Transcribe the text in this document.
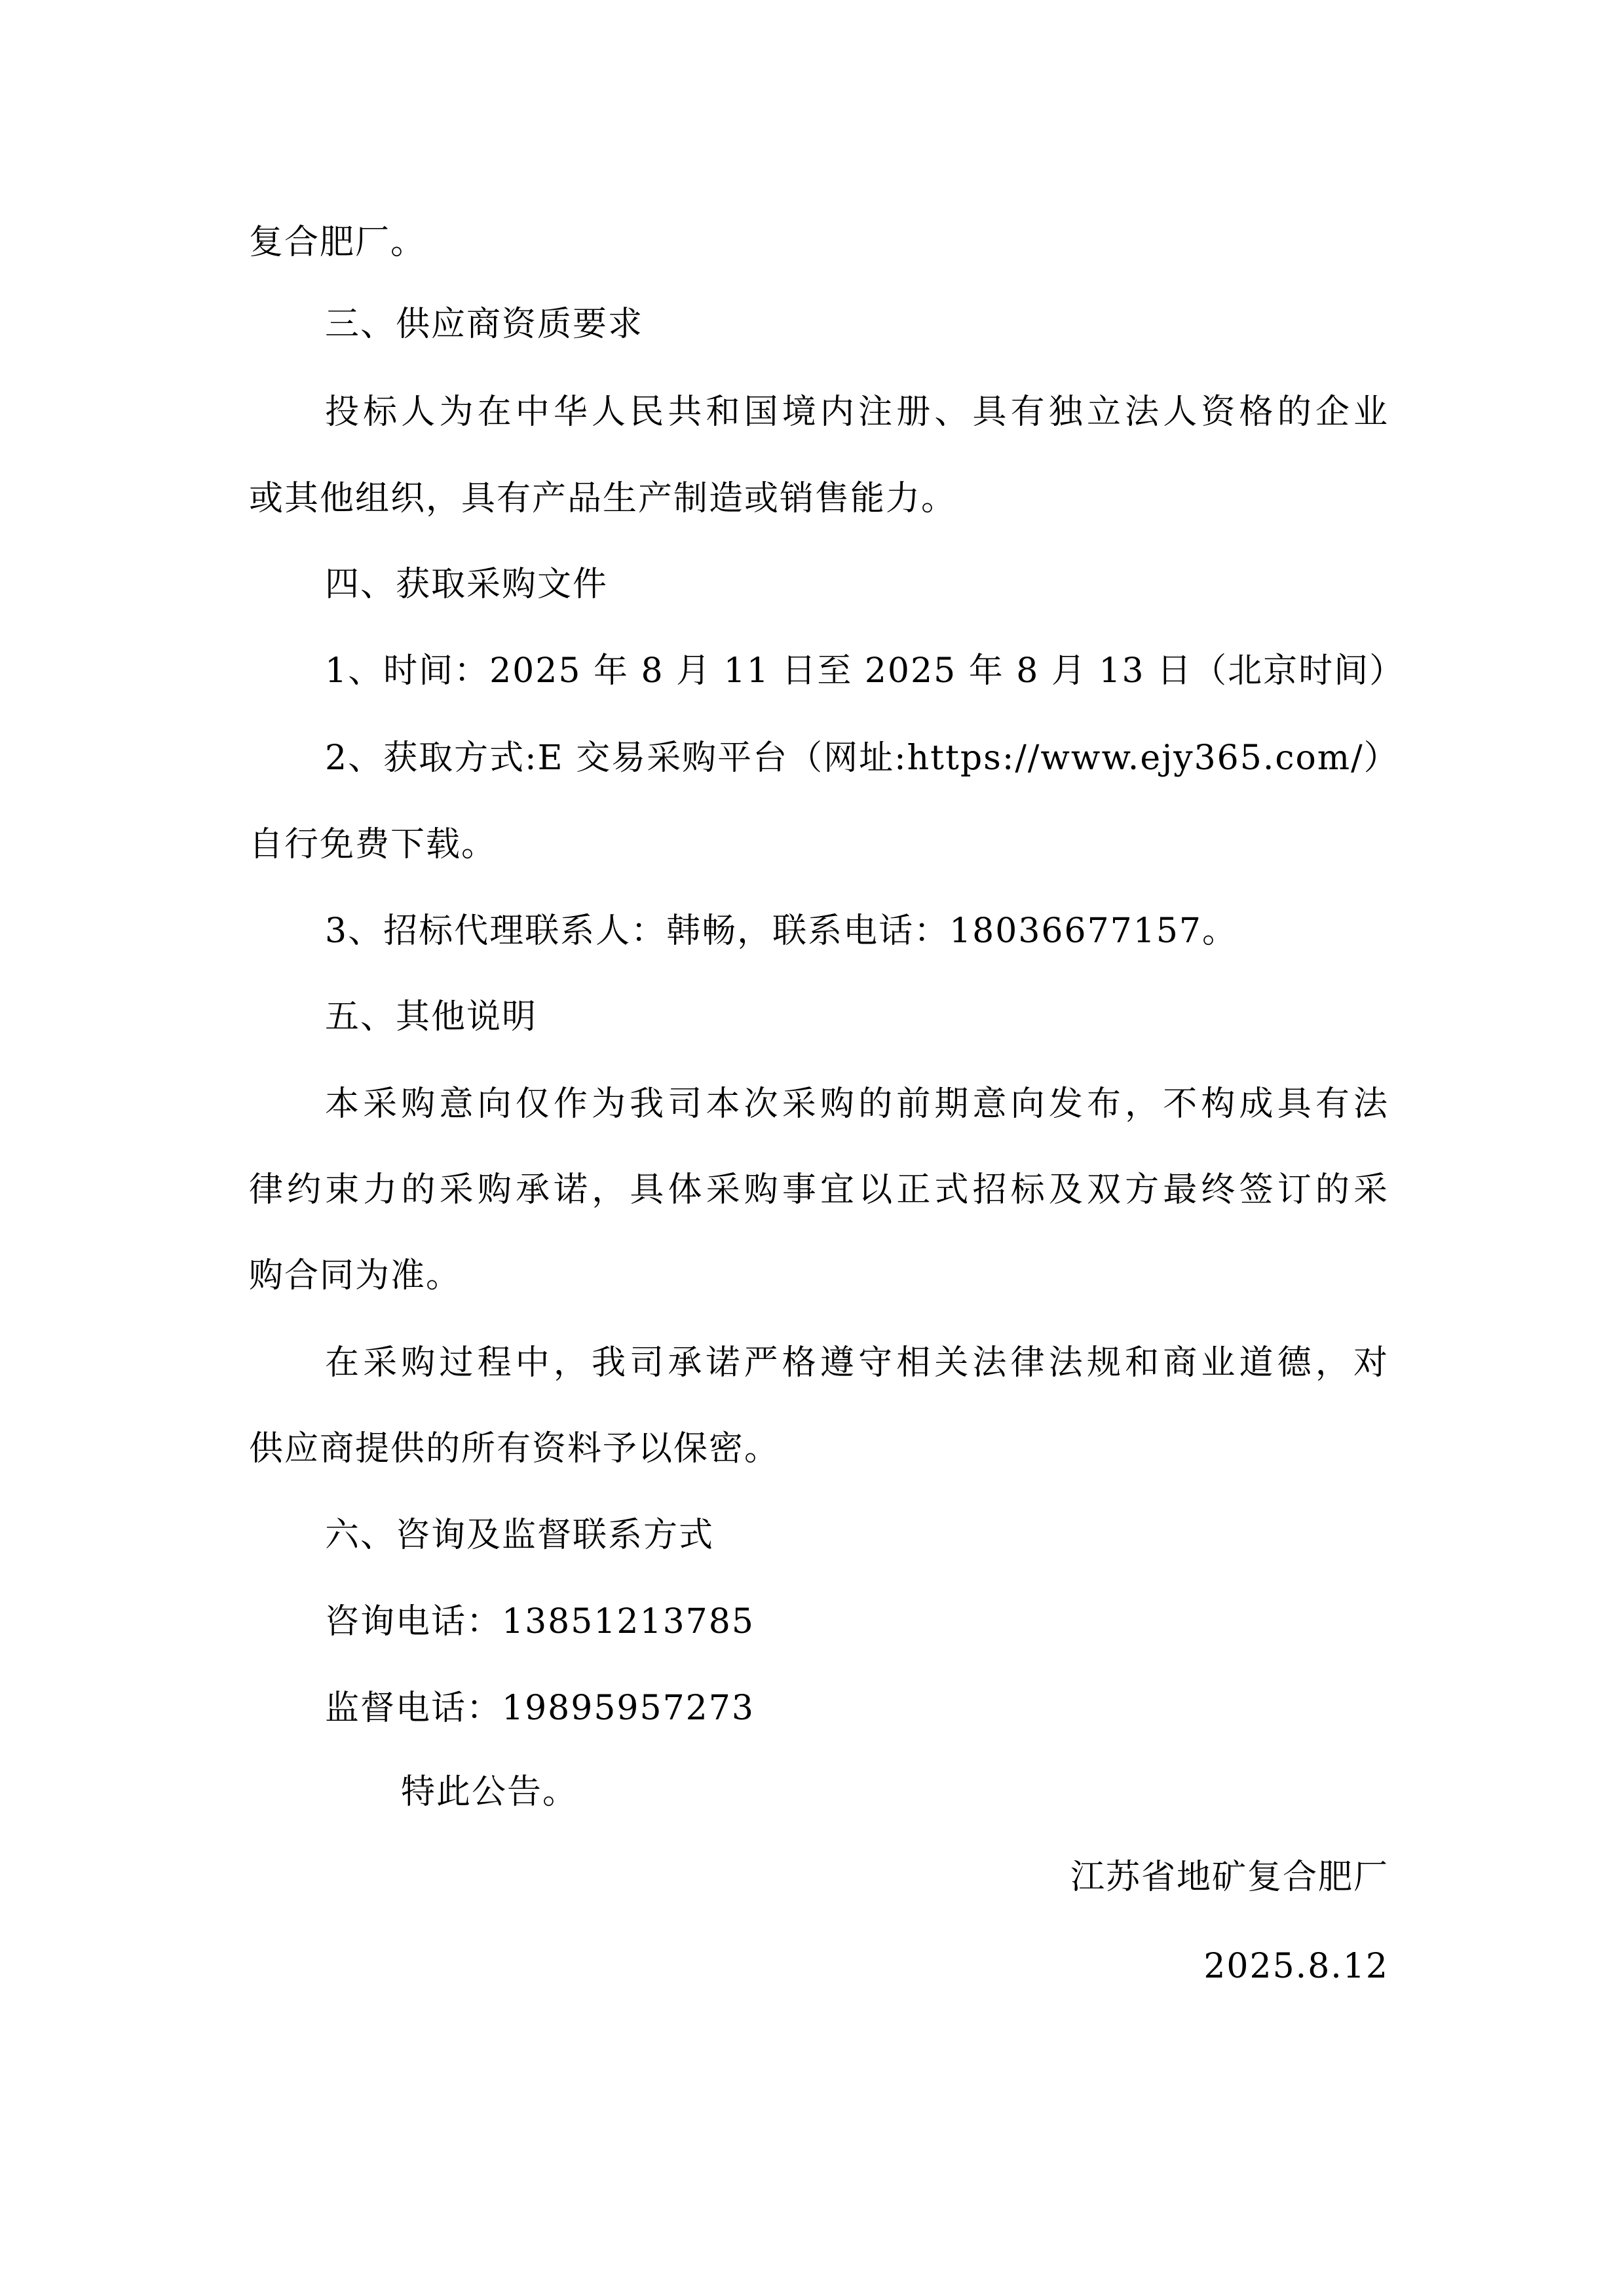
复合肥厂。
三、供应商资质要求
投标人为在中华人民共和国境内注册、具有独立法人资格的企业
或其他组织，具有产品生产制造或销售能力。
四、获取采购文件
1、时间：2025 年 8 月 11 日至 2025 年 8 月 13 日（北京时间）
2、获取方式:E 交易采购平台（网址:https://www.ejy365.com/）
自行免费下载。
3、招标代理联系人：韩畅，联系电话：18036677157。
五、其他说明
本采购意向仅作为我司本次采购的前期意向发布，不构成具有法
律约束力的采购承诺，具体采购事宜以正式招标及双方最终签订的采
购合同为准。
在采购过程中，我司承诺严格遵守相关法律法规和商业道德，对
供应商提供的所有资料予以保密。
六、咨询及监督联系方式
咨询电话：13851213785
监督电话：19895957273
特此公告。
江苏省地矿复合肥厂
2025.8.12
